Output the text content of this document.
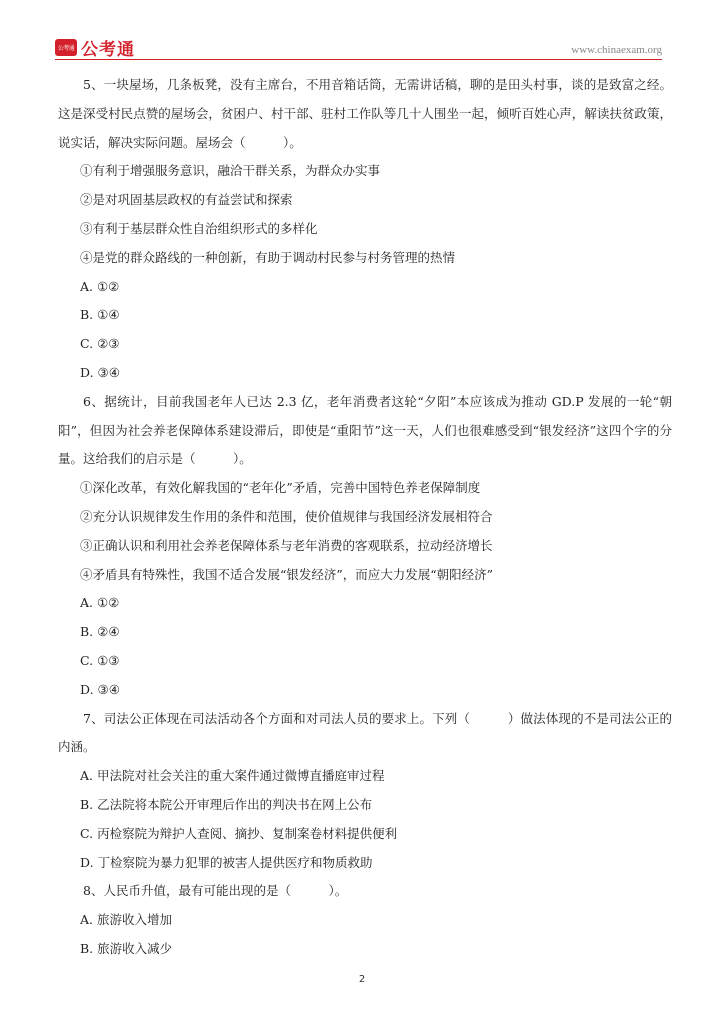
公考通 公考通	www.chinaexam.org

5、一块屋场，几条板凳，没有主席台，不用音箱话筒，无需讲话稿，聊的是田头村事，谈的是致富之经。这是深受村民点赞的屋场会，贫困户、村干部、驻村工作队等几十人围坐一起，倾听百姓心声，解读扶贫政策，说实话，解决实际问题。屋场会（　　　）。

①有利于增强服务意识，融洽干群关系，为群众办实事
②是对巩固基层政权的有益尝试和探索
③有利于基层群众性自治组织形式的多样化
④是党的群众路线的一种创新，有助于调动村民参与村务管理的热情
A. ①②
B. ①④
C. ②③
D. ③④

6、据统计，目前我国老年人已达 2.3 亿，老年消费者这轮“夕阳”本应该成为推动 GD.P 发展的一轮“朝阳”，但因为社会养老保障体系建设滞后，即使是“重阳节”这一天，人们也很难感受到“银发经济”这四个字的分量。这给我们的启示是（　　　）。

①深化改革，有效化解我国的“老年化”矛盾，完善中国特色养老保障制度
②充分认识规律发生作用的条件和范围，使价值规律与我国经济发展相符合
③正确认识和利用社会养老保障体系与老年消费的客观联系，拉动经济增长
④矛盾具有特殊性，我国不适合发展“银发经济”，而应大力发展“朝阳经济”
A. ①②
B. ②④
C. ①③
D. ③④

7、司法公正体现在司法活动各个方面和对司法人员的要求上。下列（　　　）做法体现的不是司法公正的内涵。

A. 甲法院对社会关注的重大案件通过微博直播庭审过程
B. 乙法院将本院公开审理后作出的判决书在网上公布
C. 丙检察院为辩护人查阅、摘抄、复制案卷材料提供便利
D. 丁检察院为暴力犯罪的被害人提供医疗和物质救助

8、人民币升值，最有可能出现的是（　　　）。

A. 旅游收入增加
B. 旅游收入减少
2
